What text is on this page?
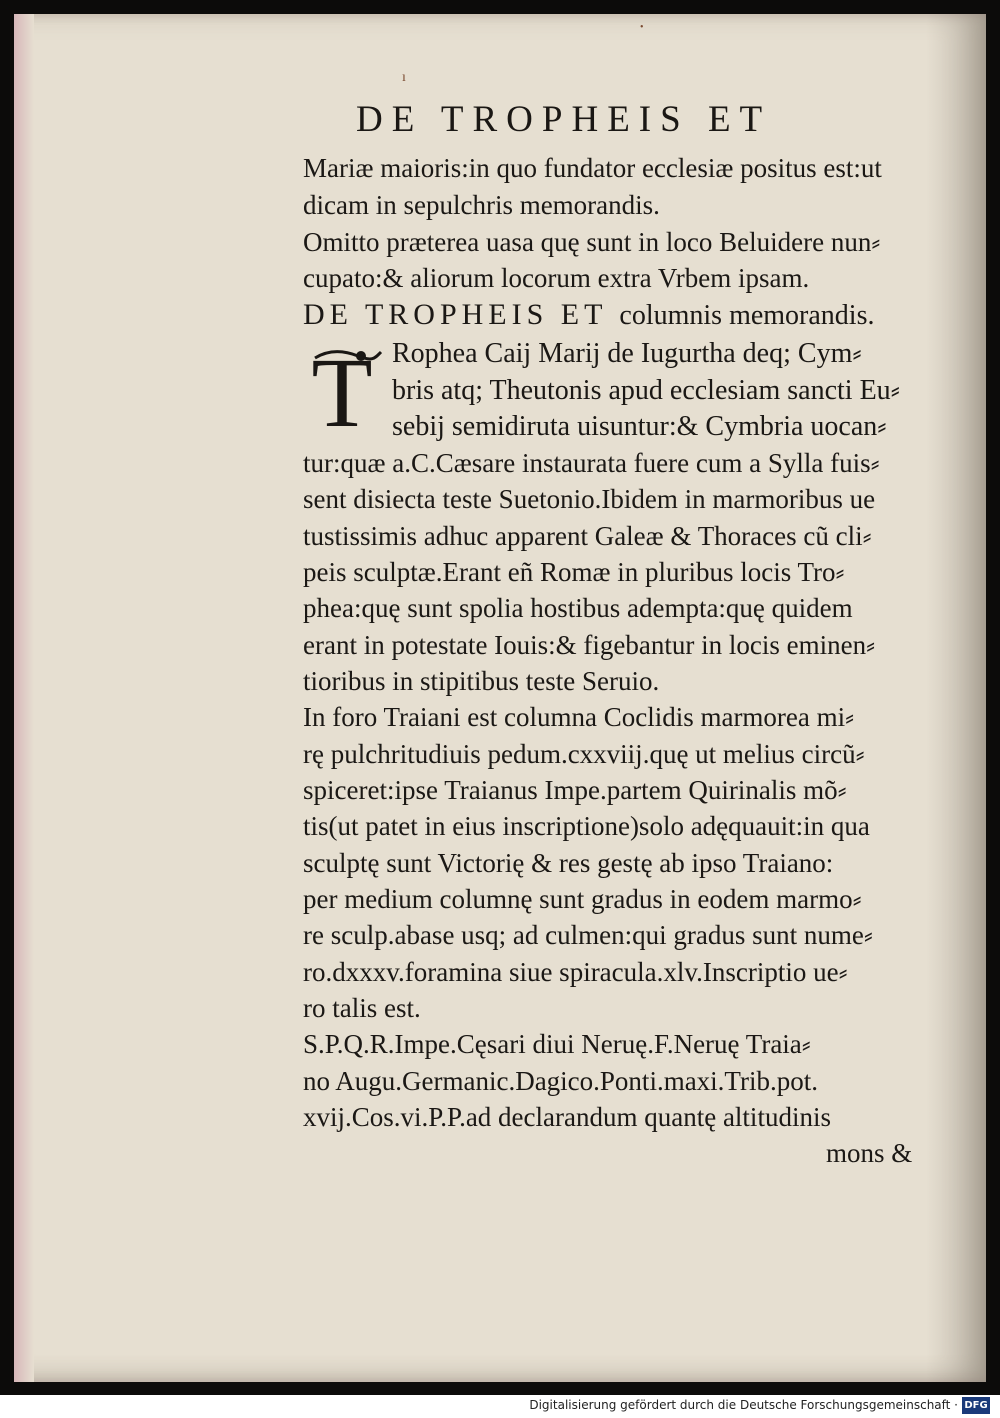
ı
•
DE TROPHEIS ET
Mariæ maioris:in quo fundator ecclesiæ positus est:ut
dicam in sepulchris memorandis.
Omitto præterea uasa quę sunt in loco Beluidere nun⸗
cupato:& aliorum locorum extra Vrbem ipsam.
DE TROPHEIS ET columnis memorandis.
T Ropheа Caij Marij de Iugurtha deq; Cym⸗
bris atq; Theutonis apud ecclesiam sancti Eu⸗
sebij semidiruta uisuntur:& Cymbria uocan⸗
tur:quæ a.C.Cæsare instaurata fuere cum a Sylla fuis⸗
sent disiecta teste Suetonio.Ibidem in marmoribus ue
tustissimis adhuc apparent Galeæ & Thoraces cũ cli⸗
peis sculptæ.Erant eñ Romæ in pluribus locis Tro⸗
phea:quę sunt spolia hostibus adempta:quę quidem
erant in potestate Iouis:& figebantur in locis eminen⸗
tioribus in stipitibus teste Seruio.
In foro Traiani est columna Coclidis marmorea mi⸗
rę pulchritudiuis pedum.cxxviij.quę ut melius circũ⸗
spiceret:ipse Traianus Impe.partem Quirinalis mõ⸗
tis(ut patet in eius inscriptione)solo adęquauit:in qua
sculptę sunt Victorię & res gestę ab ipso Traiano:
per medium columnę sunt gradus in eodem marmo⸗
re sculp.abase usq; ad culmen:qui gradus sunt nume⸗
ro.dxxxv.foramina siue spiracula.xlv.Inscriptio ue⸗
ro talis est.
S.P.Q.R.Impe.Cęsari diui Neruę.F.Neruę Traia⸗
no Augu.Germanic.Dagico.Ponti.maxi.Trib.pot.
xvij.Cos.vi.P.P.ad declarandum quantę altitudinis
mons &
Digitalisierung gefördert durch die Deutsche Forschungsgemeinschaft · DFG
